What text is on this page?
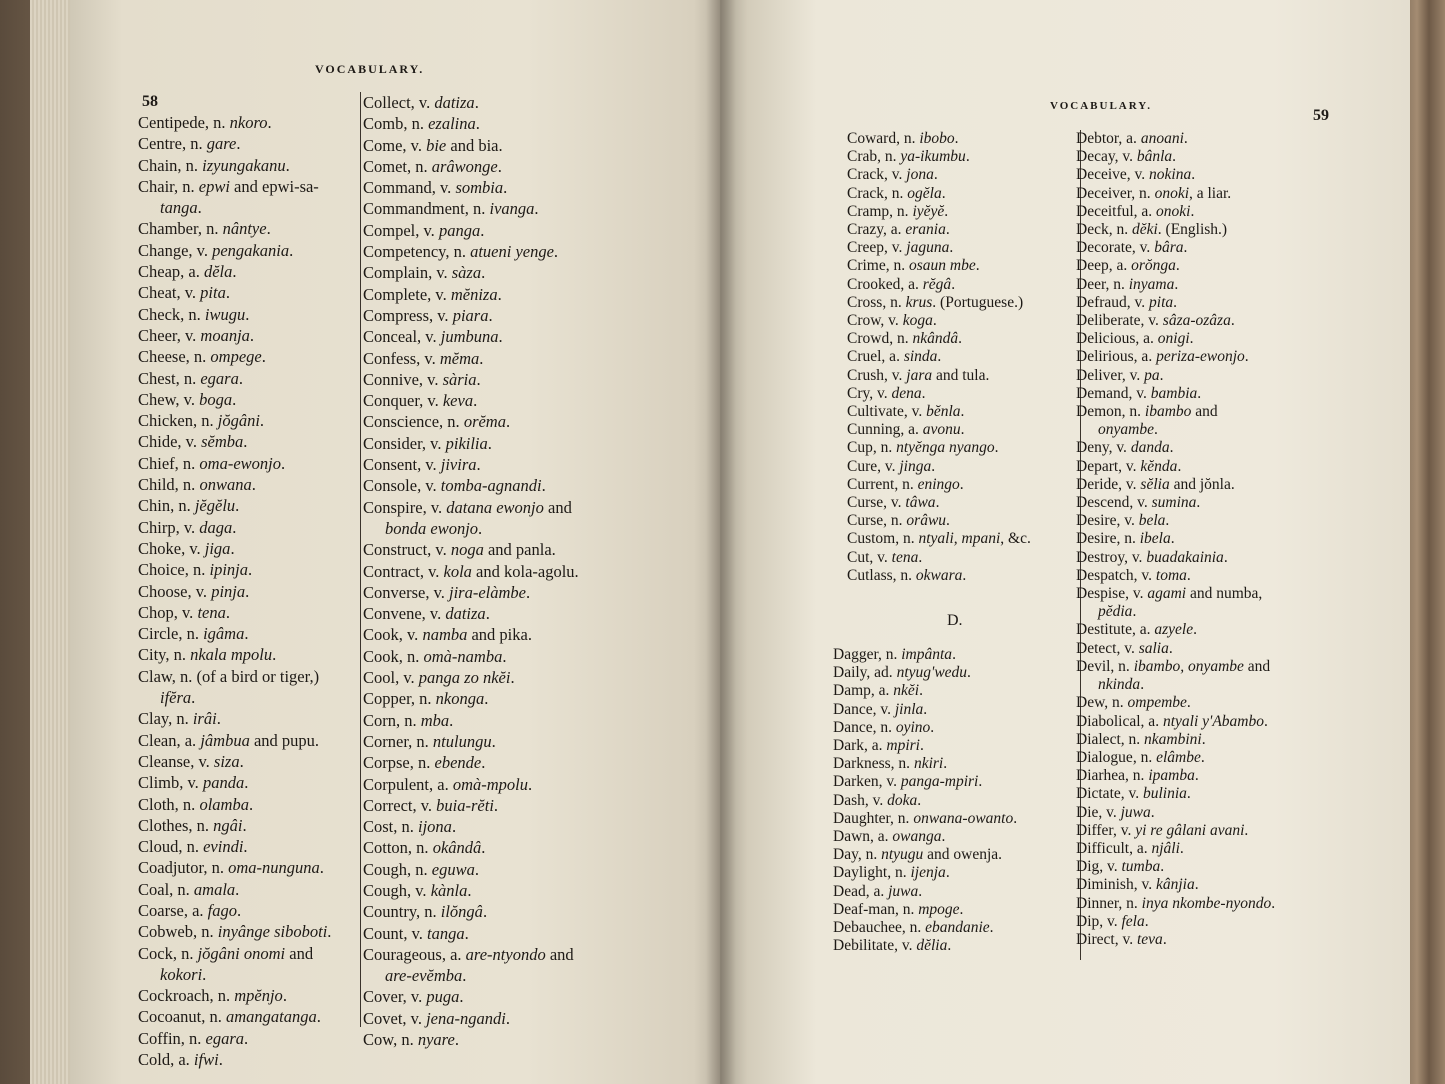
VOCABULARY.
58
Centipede, n. nkoro.
Centre, n. gare.
Chain, n. izyungakanu.
Chair, n. epwi and epwi-sa-
tanga.
Chamber, n. nântye.
Change, v. pengakania.
Cheap, a. dĕla.
Cheat, v. pita.
Check, n. iwugu.
Cheer, v. moanja.
Cheese, n. ompege.
Chest, n. egara.
Chew, v. boga.
Chicken, n. jŏgâni.
Chide, v. sĕmba.
Chief, n. oma-ewonjo.
Child, n. onwana.
Chin, n. jĕgĕlu.
Chirp, v. daga.
Choke, v. jiga.
Choice, n. ipinja.
Choose, v. pinja.
Chop, v. tena.
Circle, n. igâma.
City, n. nkala mpolu.
Claw, n. (of a bird or tiger,)
ifĕra.
Clay, n. irâi.
Clean, a. jâmbua and pupu.
Cleanse, v. siza.
Climb, v. panda.
Cloth, n. olamba.
Clothes, n. ngâi.
Cloud, n. evindi.
Coadjutor, n. oma-nunguna.
Coal, n. amala.
Coarse, a. fago.
Cobweb, n. inyânge siboboti.
Cock, n. jŏgâni onomi and
kokori.
Cockroach, n. mpĕnjo.
Cocoanut, n. amangatanga.
Coffin, n. egara.
Cold, a. ifwi.
Collect, v. datiza.
Comb, n. ezalina.
Come, v. bie and bia.
Comet, n. arâwonge.
Command, v. sombia.
Commandment, n. ivanga.
Compel, v. panga.
Competency, n. atueni yenge.
Complain, v. sàza.
Complete, v. mĕniza.
Compress, v. piara.
Conceal, v. jumbuna.
Confess, v. mĕma.
Connive, v. sària.
Conquer, v. keva.
Conscience, n. orĕma.
Consider, v. pikilia.
Consent, v. jivira.
Console, v. tomba-agnandi.
Conspire, v. datana ewonjo and
bonda ewonjo.
Construct, v. noga and panla.
Contract, v. kola and kola-agolu.
Converse, v. jira-elàmbe.
Convene, v. datiza.
Cook, v. namba and pika.
Cook, n. omà-namba.
Cool, v. panga zo nkĕi.
Copper, n. nkonga.
Corn, n. mba.
Corner, n. ntulungu.
Corpse, n. ebende.
Corpulent, a. omà-mpolu.
Correct, v. buia-rĕti.
Cost, n. ijona.
Cotton, n. okândâ.
Cough, n. eguwa.
Cough, v. kànla.
Country, n. ilŏngâ.
Count, v. tanga.
Courageous, a. are-ntyondo and
are-evĕmba.
Cover, v. puga.
Covet, v. jena-ngandi.
Cow, n. nyare.
VOCABULARY.
59
Coward, n. ibobo.
Crab, n. ya-ikumbu.
Crack, v. jona.
Crack, n. ogĕla.
Cramp, n. iyĕyĕ.
Crazy, a. erania.
Creep, v. jaguna.
Crime, n. osaun mbe.
Crooked, a. rĕgâ.
Cross, n. krus. (Portuguese.)
Crow, v. koga.
Crowd, n. nkândâ.
Cruel, a. sinda.
Crush, v. jara and tula.
Cry, v. dena.
Cultivate, v. bĕnla.
Cunning, a. avonu.
Cup, n. ntyĕnga nyango.
Cure, v. jinga.
Current, n. eningo.
Curse, v. tâwa.
Curse, n. orâwu.
Custom, n. ntyali, mpani, &c.
Cut, v. tena.
Cutlass, n. okwara.
D.
Dagger, n. impânta.
Daily, ad. ntyug'wedu.
Damp, a. nkĕi.
Dance, v. jinla.
Dance, n. oyino.
Dark, a. mpiri.
Darkness, n. nkiri.
Darken, v. panga-mpiri.
Dash, v. doka.
Daughter, n. onwana-owanto.
Dawn, a. owanga.
Day, n. ntyugu and owenja.
Daylight, n. ijenja.
Dead, a. juwa.
Deaf-man, n. mpoge.
Debauchee, n. ebandanie.
Debilitate, v. dĕlia.
Debtor, a. anoani.
Decay, v. bânla.
Deceive, v. nokina.
Deceiver, n. onoki, a liar.
Deceitful, a. onoki.
Deck, n. dĕki. (English.)
Decorate, v. bâra.
Deep, a. orŏnga.
Deer, n. inyama.
Defraud, v. pita.
Deliberate, v. sâza-ozâza.
Delicious, a. onigi.
Delirious, a. periza-ewonjo.
Deliver, v. pa.
Demand, v. bambia.
Demon, n. ibambo and
onyambe.
Deny, v. danda.
Depart, v. kĕnda.
Deride, v. sĕlia and jŏnla.
Descend, v. sumina.
Desire, v. bela.
Desire, n. ibela.
Destroy, v. buadakainia.
Despatch, v. toma.
Despise, v. agami and numba,
pĕdia.
Destitute, a. azyele.
Detect, v. salia.
Devil, n. ibambo, onyambe and
nkinda.
Dew, n. ompembe.
Diabolical, a. ntyali y'Abambo.
Dialect, n. nkambini.
Dialogue, n. elâmbe.
Diarhea, n. ipamba.
Dictate, v. bulinia.
Die, v. juwa.
Differ, v. yi re gâlani avani.
Difficult, a. njâli.
Dig, v. tumba.
Diminish, v. kânjia.
Dinner, n. inya nkombe-nyondo.
Dip, v. fela.
Direct, v. teva.
